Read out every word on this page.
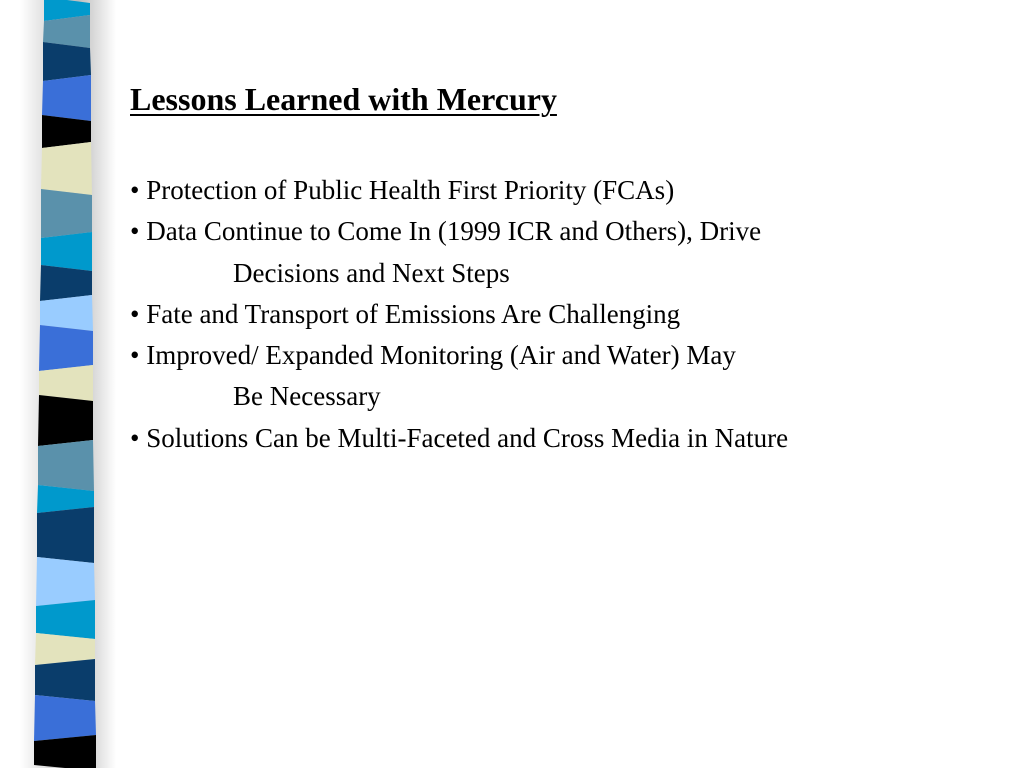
Lessons Learned with Mercury
• Protection of Public Health First Priority (FCAs)
• Data Continue to Come In (1999 ICR and Others), Drive
Decisions and Next Steps
• Fate and Transport of Emissions Are Challenging
• Improved/ Expanded Monitoring (Air and Water) May
Be Necessary
• Solutions Can be Multi-Faceted and Cross Media in Nature
